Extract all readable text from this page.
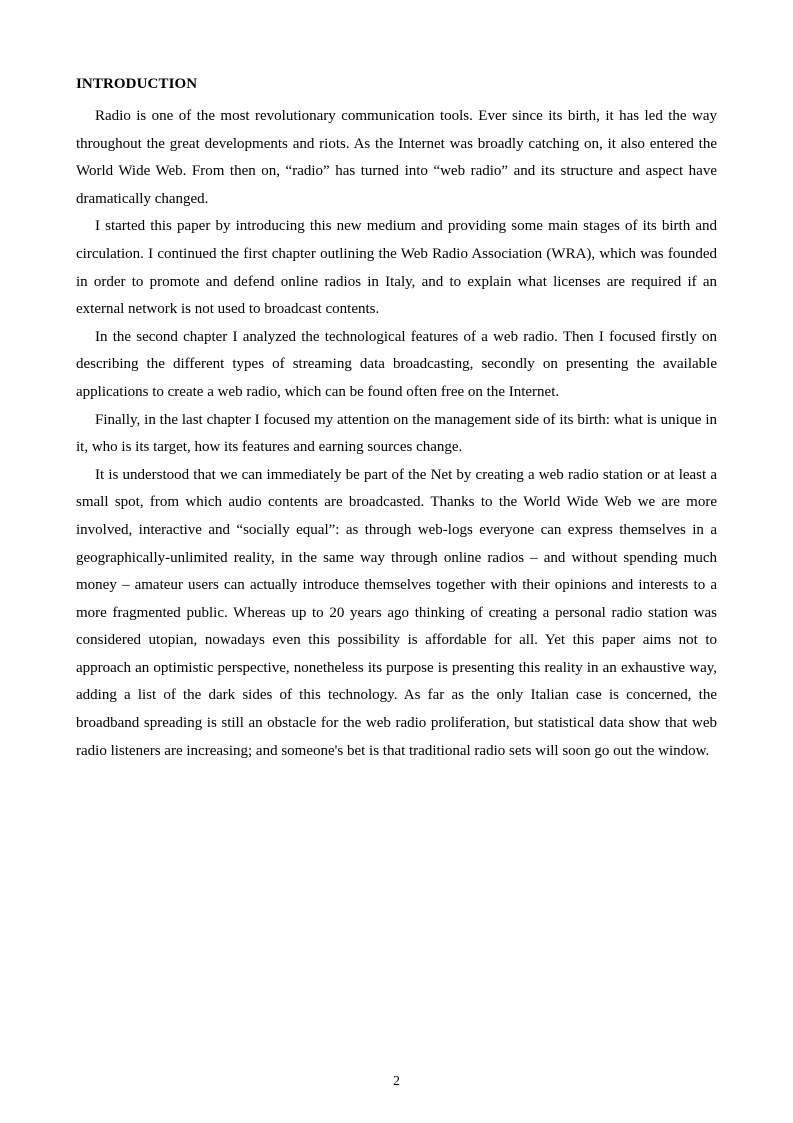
INTRODUCTION

Radio is one of the most revolutionary communication tools. Ever since its birth, it has led the way throughout the great developments and riots. As the Internet was broadly catching on, it also entered the World Wide Web. From then on, “radio” has turned into “web radio” and its structure and aspect have dramatically changed.

I started this paper by introducing this new medium and providing some main stages of its birth and circulation. I continued the first chapter outlining the Web Radio Association (WRA), which was founded in order to promote and defend online radios in Italy, and to explain what licenses are required if an external network is not used to broadcast contents.

In the second chapter I analyzed the technological features of a web radio. Then I focused firstly on describing the different types of streaming data broadcasting, secondly on presenting the available applications to create a web radio, which can be found often free on the Internet.

Finally, in the last chapter I focused my attention on the management side of its birth: what is unique in it, who is its target, how its features and earning sources change.

It is understood that we can immediately be part of the Net by creating a web radio station or at least a small spot, from which audio contents are broadcasted. Thanks to the World Wide Web we are more involved, interactive and “socially equal”: as through web-logs everyone can express themselves in a geographically-unlimited reality, in the same way through online radios – and without spending much money – amateur users can actually introduce themselves together with their opinions and interests to a more fragmented public. Whereas up to 20 years ago thinking of creating a personal radio station was considered utopian, nowadays even this possibility is affordable for all. Yet this paper aims not to approach an optimistic perspective, nonetheless its purpose is presenting this reality in an exhaustive way, adding a list of the dark sides of this technology. As far as the only Italian case is concerned, the broadband spreading is still an obstacle for the web radio proliferation, but statistical data show that web radio listeners are increasing; and someone's bet is that traditional radio sets will soon go out the window.

2
